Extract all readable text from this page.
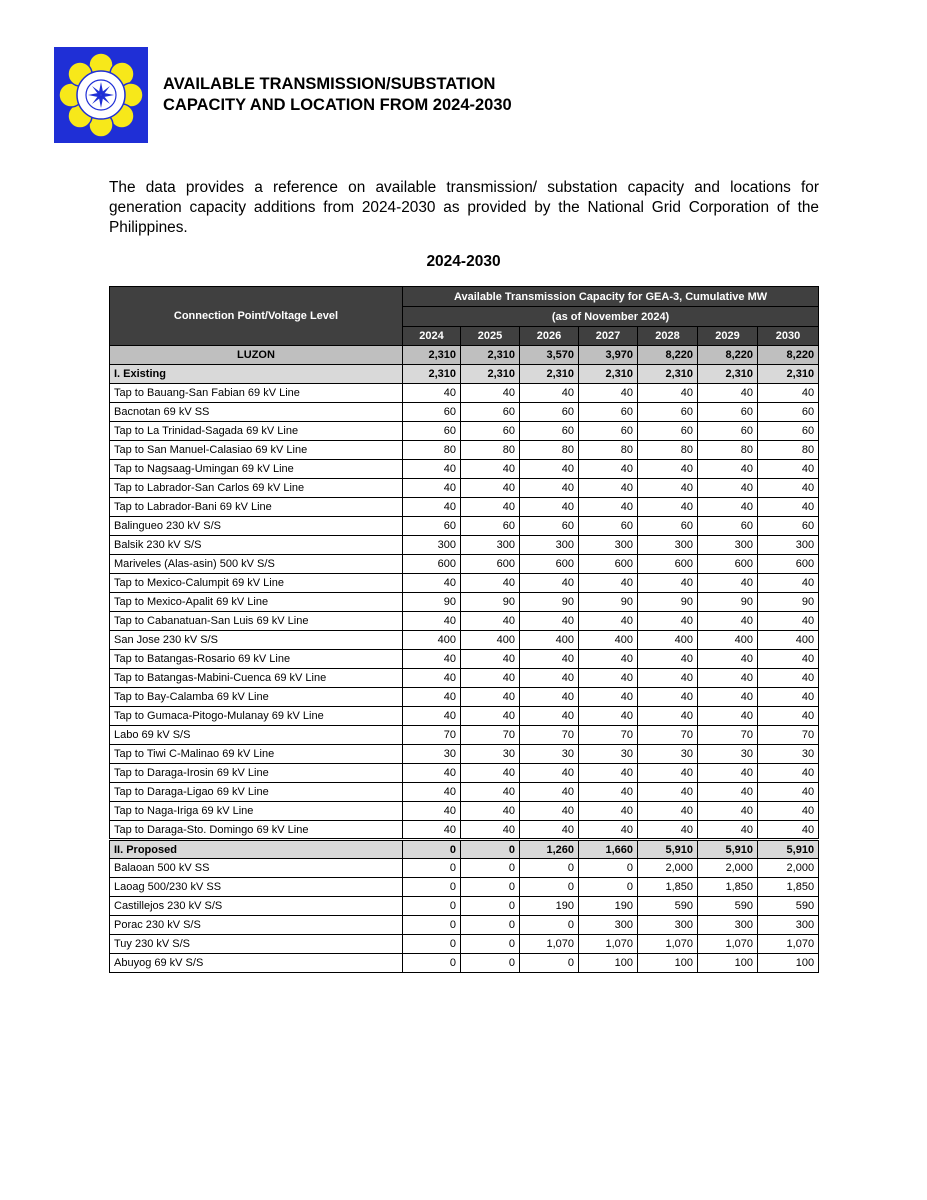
AVAILABLE TRANSMISSION/SUBSTATION
CAPACITY AND LOCATION FROM 2024-2030
The data provides a reference on available transmission/ substation capacity and locations for generation capacity additions from 2024-2030 as provided by the National Grid Corporation of the Philippines.
2024-2030
Connection Point/Voltage Level	Available Transmission Capacity for GEA-3, Cumulative MW						
	(as of November 2024)						
	2024	2025	2026	2027	2028	2029	2030
LUZON	2,310	2,310	3,570	3,970	8,220	8,220	8,220
I. Existing	2,310	2,310	2,310	2,310	2,310	2,310	2,310
Tap to Bauang-San Fabian 69 kV Line	40	40	40	40	40	40	40
Bacnotan 69 kV SS	60	60	60	60	60	60	60
Tap to La Trinidad-Sagada 69 kV Line	60	60	60	60	60	60	60
Tap to San Manuel-Calasiao 69 kV Line	80	80	80	80	80	80	80
Tap to Nagsaag-Umingan 69 kV Line	40	40	40	40	40	40	40
Tap to Labrador-San Carlos 69 kV Line	40	40	40	40	40	40	40
Tap to Labrador-Bani 69 kV Line	40	40	40	40	40	40	40
Balingueo 230 kV S/S	60	60	60	60	60	60	60
Balsik 230 kV S/S	300	300	300	300	300	300	300
Mariveles (Alas-asin) 500 kV S/S	600	600	600	600	600	600	600
Tap to Mexico-Calumpit 69 kV Line	40	40	40	40	40	40	40
Tap to Mexico-Apalit 69 kV Line	90	90	90	90	90	90	90
Tap to Cabanatuan-San Luis 69 kV Line	40	40	40	40	40	40	40
San Jose 230 kV S/S	400	400	400	400	400	400	400
Tap to Batangas-Rosario 69 kV Line	40	40	40	40	40	40	40
Tap to Batangas-Mabini-Cuenca 69 kV Line	40	40	40	40	40	40	40
Tap to Bay-Calamba 69 kV Line	40	40	40	40	40	40	40
Tap to Gumaca-Pitogo-Mulanay 69 kV Line	40	40	40	40	40	40	40
Labo 69 kV S/S	70	70	70	70	70	70	70
Tap to Tiwi C-Malinao 69 kV Line	30	30	30	30	30	30	30
Tap to Daraga-Irosin 69 kV Line	40	40	40	40	40	40	40
Tap to Daraga-Ligao 69 kV Line	40	40	40	40	40	40	40
Tap to Naga-Iriga 69 kV Line	40	40	40	40	40	40	40
Tap to Daraga-Sto. Domingo 69 kV Line	40	40	40	40	40	40	40
II. Proposed	0	0	1,260	1,660	5,910	5,910	5,910
Balaoan 500 kV SS	0	0	0	0	2,000	2,000	2,000
Laoag 500/230 kV SS	0	0	0	0	1,850	1,850	1,850
Castillejos 230 kV S/S	0	0	190	190	590	590	590
Porac 230 kV S/S	0	0	0	300	300	300	300
Tuy 230 kV S/S	0	0	1,070	1,070	1,070	1,070	1,070
Abuyog 69 kV S/S	0	0	0	100	100	100	100
